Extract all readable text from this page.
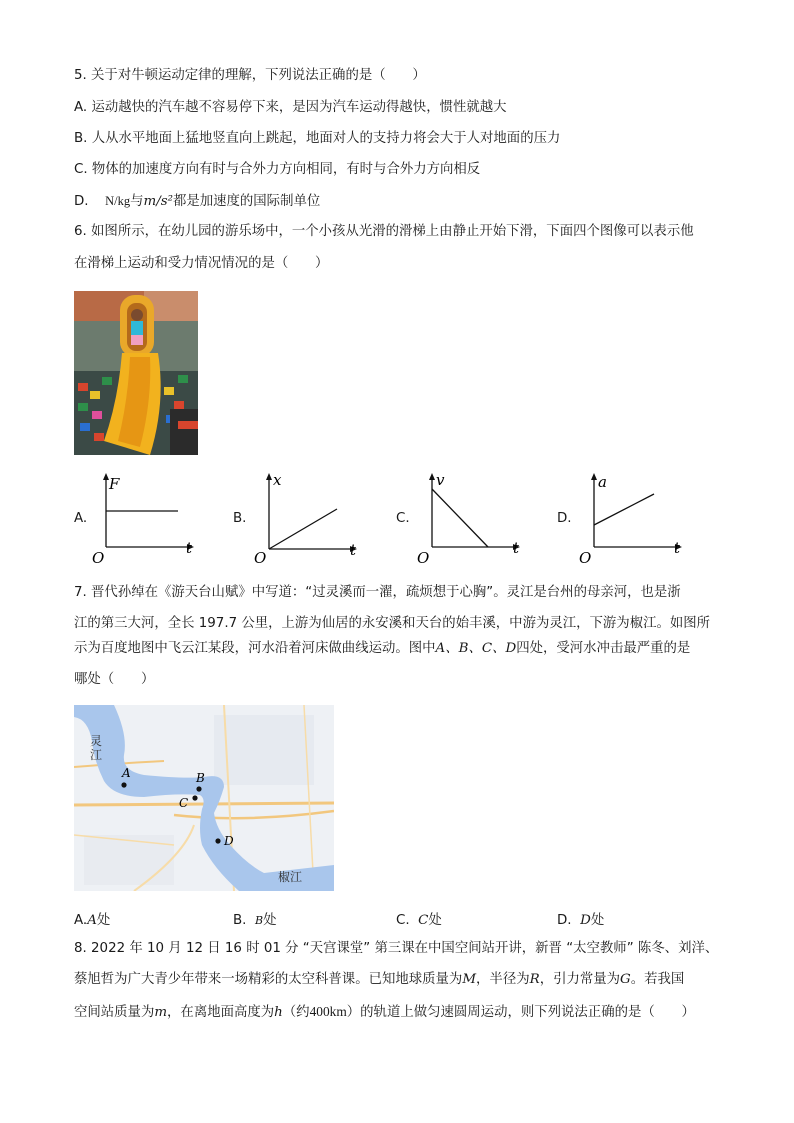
5. 关于对牛顿运动定律的理解，下列说法正确的是（　　）
A. 运动越快的汽车越不容易停下来，是因为汽车运动得越快，惯性就越大
B. 人从水平地面上猛地竖直向上跳起，地面对人的支持力将会大于人对地面的压力
C. 物体的加速度方向有时与合外力方向相同，有时与合外力方向相反
D. N/kg与m/s²都是加速度的国际制单位
6. 如图所示，在幼儿园的游乐场中，一个小孩从光滑的滑梯上由静止开始下滑，下面四个图像可以表示他
在滑梯上运动和受力情况情况的是（　　）
A.	B.	C.	D.
F
t
O
x
t
O
v
t
O
a
t
O
7. 晋代孙绰在《游天台山赋》中写道：“过灵溪而一濯，疏烦想于心胸”。灵江是台州的母亲河，也是浙
江的第三大河，全长 197.7 公里，上游为仙居的永安溪和天台的始丰溪，中游为灵江，下游为椒江。如图所
示为百度地图中飞云江某段，河水沿着河床做曲线运动。图中A、B、C、D四处，受河水冲击最严重的是
哪处（　　）
A	B
C
D
灵江
椒江
A.A处	B. B处	C. C处	D. D处
8. 2022 年 10 月 12 日 16 时 01 分 “天宫课堂” 第三课在中国空间站开讲，新晋 “太空教师” 陈冬、刘洋、
蔡旭哲为广大青少年带来一场精彩的太空科普课。已知地球质量为M，半径为R，引力常量为G。若我国
空间站质量为m，在离地面高度为h（约400km）的轨道上做匀速圆周运动，则下列说法正确的是（　　）
